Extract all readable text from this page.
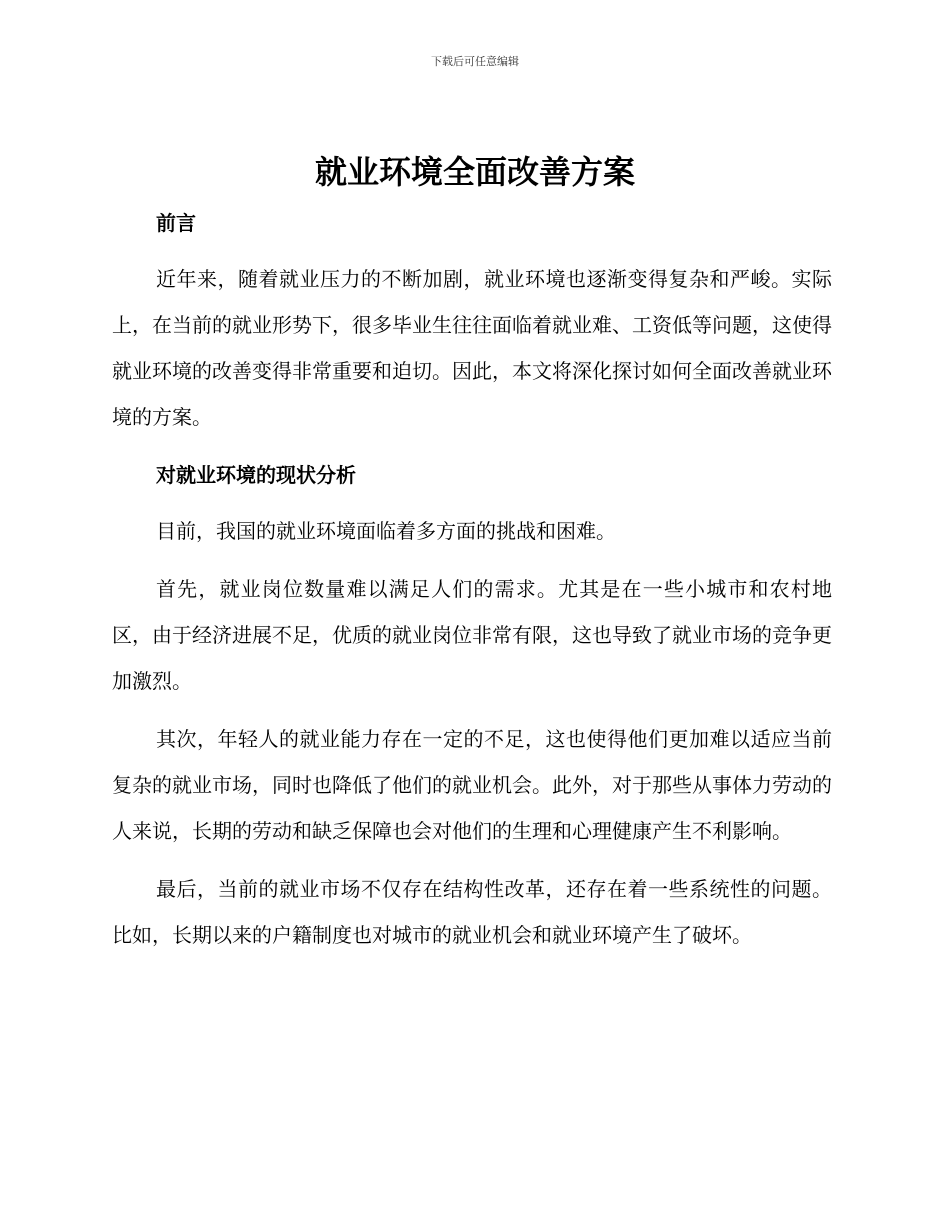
下载后可任意编辑
就业环境全面改善方案

前言

近年来，随着就业压力的不断加剧，就业环境也逐渐变得复杂和严峻。实际上，在当前的就业形势下，很多毕业生往往面临着就业难、工资低等问题，这使得就业环境的改善变得非常重要和迫切。因此，本文将深化探讨如何全面改善就业环境的方案。

对就业环境的现状分析

目前，我国的就业环境面临着多方面的挑战和困难。

首先，就业岗位数量难以满足人们的需求。尤其是在一些小城市和农村地区，由于经济进展不足，优质的就业岗位非常有限，这也导致了就业市场的竞争更加激烈。

其次，年轻人的就业能力存在一定的不足，这也使得他们更加难以适应当前复杂的就业市场，同时也降低了他们的就业机会。此外，对于那些从事体力劳动的人来说，长期的劳动和缺乏保障也会对他们的生理和心理健康产生不利影响。

最后，当前的就业市场不仅存在结构性改革，还存在着一些系统性的问题。比如，长期以来的户籍制度也对城市的就业机会和就业环境产生了破坏。
